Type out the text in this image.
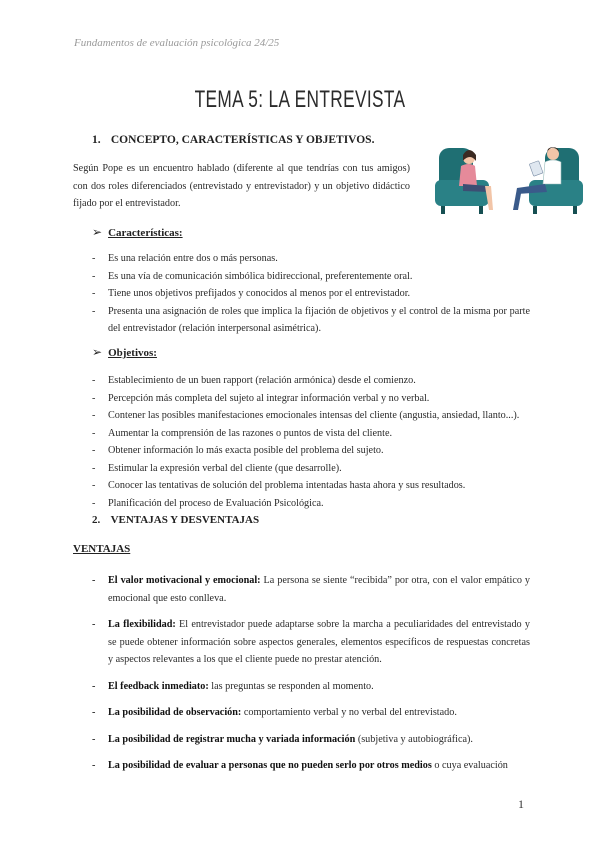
Fundamentos de evaluación psicológica 24/25
TEMA 5: LA ENTREVISTA
1. CONCEPTO, CARACTERÍSTICAS Y OBJETIVOS.
Según Pope es un encuentro hablado (diferente al que tendrías con tus amigos) con dos roles diferenciados (entrevistado y entrevistador) y un objetivo didáctico fijado por el entrevistador.
➢ Características:
- Es una relación entre dos o más personas.
- Es una vía de comunicación simbólica bidireccional, preferentemente oral.
- Tiene unos objetivos prefijados y conocidos al menos por el entrevistador.
- Presenta una asignación de roles que implica la fijación de objetivos y el control de la misma por parte del entrevistador (relación interpersonal asimétrica).
➢ Objetivos:
- Establecimiento de un buen rapport (relación armónica) desde el comienzo.
- Percepción más completa del sujeto al integrar información verbal y no verbal.
- Contener las posibles manifestaciones emocionales intensas del cliente (angustia, ansiedad, llanto...).
- Aumentar la comprensión de las razones o puntos de vista del cliente.
- Obtener información lo más exacta posible del problema del sujeto.
- Estimular la expresión verbal del cliente (que desarrolle).
- Conocer las tentativas de solución del problema intentadas hasta ahora y sus resultados.
- Planificación del proceso de Evaluación Psicológica.
2. VENTAJAS Y DESVENTAJAS
VENTAJAS
- El valor motivacional y emocional: La persona se siente “recibida” por otra, con el valor empático y emocional que esto conlleva.
- La flexibilidad: El entrevistador puede adaptarse sobre la marcha a peculiaridades del entrevistado y se puede obtener información sobre aspectos generales, elementos específicos de respuestas concretas y aspectos relevantes a los que el cliente puede no prestar atención.
- El feedback inmediato: las preguntas se responden al momento.
- La posibilidad de observación: comportamiento verbal y no verbal del entrevistado.
- La posibilidad de registrar mucha y variada información (subjetiva y autobiográfica).
- La posibilidad de evaluar a personas que no pueden serlo por otros medios o cuya evaluación
1
